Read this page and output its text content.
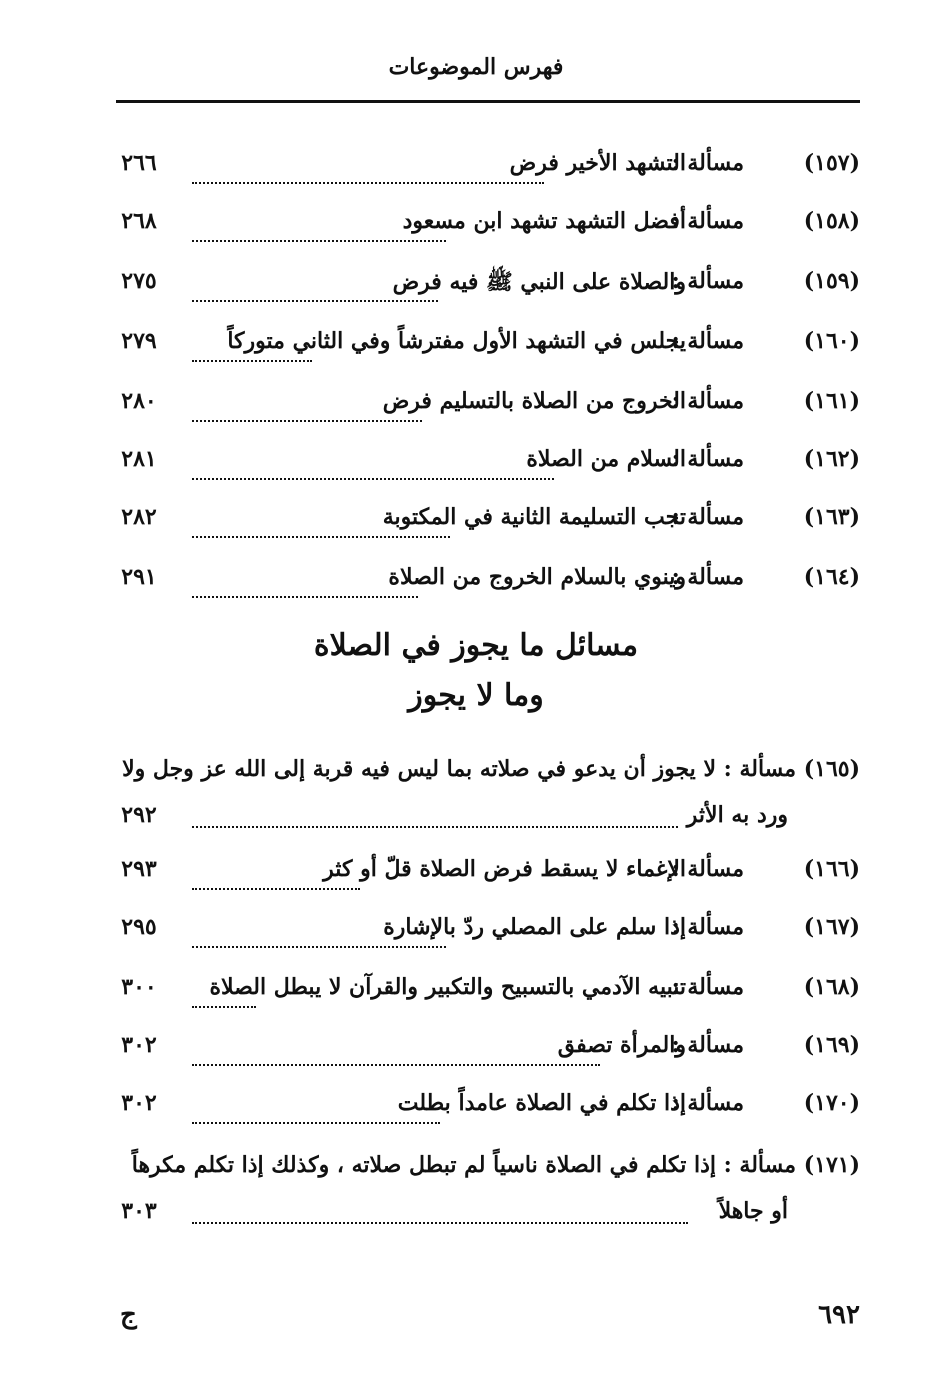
فهرس الموضوعات
(١٥٧)
مسألة :
التشهد الأخير فرض
٢٦٦
(١٥٨)
مسألة :
أفضل التشهد تشهد ابن مسعود
٢٦٨
(١٥٩)
مسألة :
والصلاة على النبي ﷺ فيه فرض
٢٧٥
(١٦٠)
مسألة :
يجلس في التشهد الأول مفترشاً وفي الثاني متوركاً
٢٧٩
(١٦١)
مسألة :
الخروج من الصلاة بالتسليم فرض
٢٨٠
(١٦٢)
مسألة :
السلام من الصلاة
٢٨١
(١٦٣)
مسألة :
تجب التسليمة الثانية في المكتوبة
٢٨٢
(١٦٤)
مسألة :
وينوي بالسلام الخروج من الصلاة
٢٩١
مسائل ما يجوز في الصلاة
وما لا يجوز
(١٦٥) مسألة : لا يجوز أن يدعو في صلاته بما ليس فيه قربة إلى الله عز وجل ولا
ورد به الأثر
٢٩٢
(١٦٦)
مسألة :
الإغماء لا يسقط فرض الصلاة قلّ أو كثر
٢٩٣
(١٦٧)
مسألة :
إذا سلم على المصلي ردّ بالإشارة
٢٩٥
(١٦٨)
مسألة :
تنبيه الآدمي بالتسبيح والتكبير والقرآن لا يبطل الصلاة
٣٠٠
(١٦٩)
مسألة :
والمرأة تصفق
٣٠٢
(١٧٠)
مسألة :
إذا تكلم في الصلاة عامداً بطلت
٣٠٢
(١٧١) مسألة : إذا تكلم في الصلاة ناسياً لم تبطل صلاته ، وكذلك إذا تكلم مكرهاً
أو جاهلاً
٣٠٣
٦٩٢
ج
